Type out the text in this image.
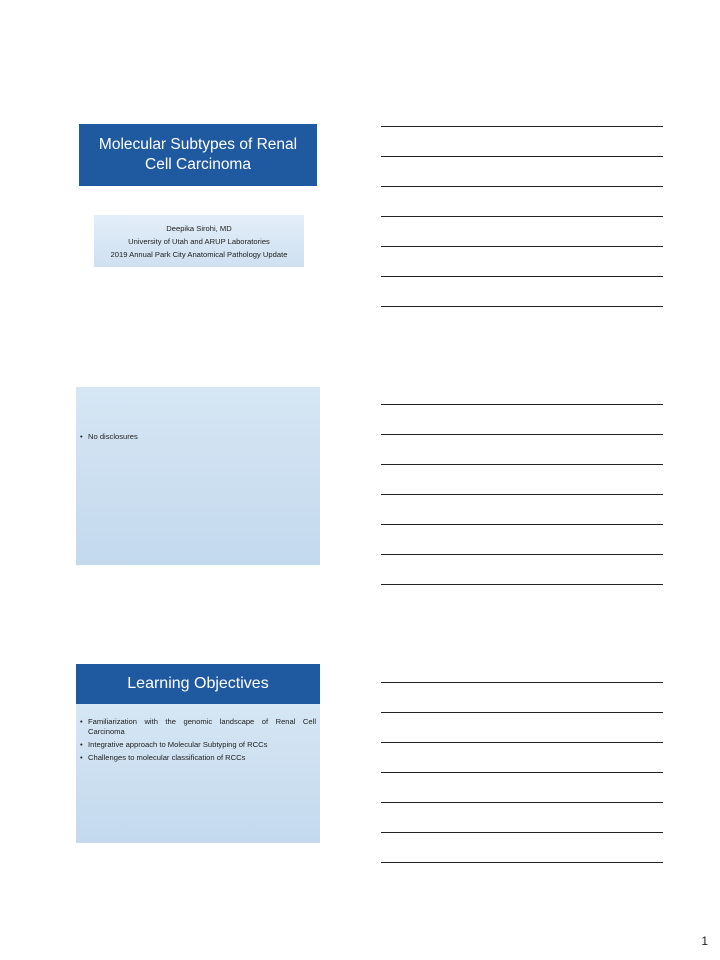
Molecular Subtypes of Renal Cell Carcinoma
Deepika Sirohi, MD
University of Utah and ARUP Laboratories
2019 Annual Park City Anatomical Pathology Update
• No disclosures
Learning Objectives
• Familiarization with the genomic landscape of Renal Cell Carcinoma
• Integrative approach to Molecular Subtyping of RCCs
• Challenges to molecular classification of RCCs
1
